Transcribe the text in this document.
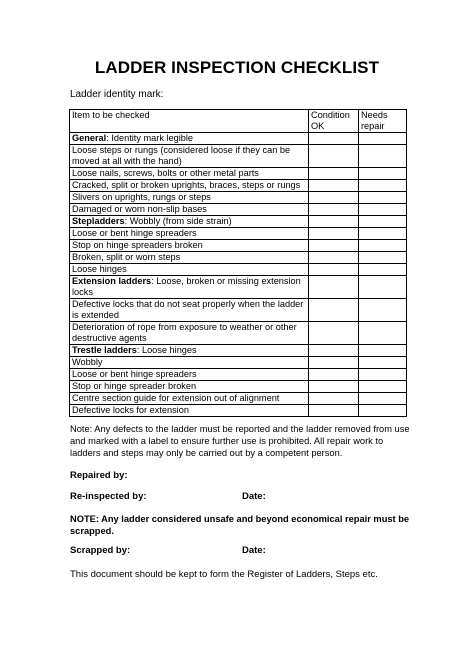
LADDER INSPECTION CHECKLIST
Ladder identity mark:
Item to be checked	Condition OK	Needs repair
General: Identity mark legible		
Loose steps or rungs (considered loose if they can be moved at all with the hand)		
Loose nails, screws, bolts or other metal parts		
Cracked, split or broken uprights, braces, steps or rungs		
Slivers on uprights, rungs or steps		
Damaged or worn non-slip bases		
Stepladders: Wobbly (from side strain)		
Loose or bent hinge spreaders		
Stop on hinge spreaders broken		
Broken, split or worn steps		
Loose hinges		
Extension ladders: Loose, broken or missing extension locks		
Defective locks that do not seat properly when the ladder is extended		
Deterioration of rope from exposure to weather or other destructive agents		
Trestle ladders: Loose hinges		
Wobbly		
Loose or bent hinge spreaders		
Stop or hinge spreader broken		
Centre section guide for extension out of alignment		
Defective locks for extension		
Note: Any defects to the ladder must be reported and the ladder removed from use and marked with a label to ensure further use is prohibited. All repair work to ladders and steps may only be carried out by a competent person.
Repaired by:
Re-inspected by:	Date:
NOTE: Any ladder considered unsafe and beyond economical repair must be scrapped.
Scrapped by:	Date:
This document should be kept to form the Register of Ladders, Steps etc.
